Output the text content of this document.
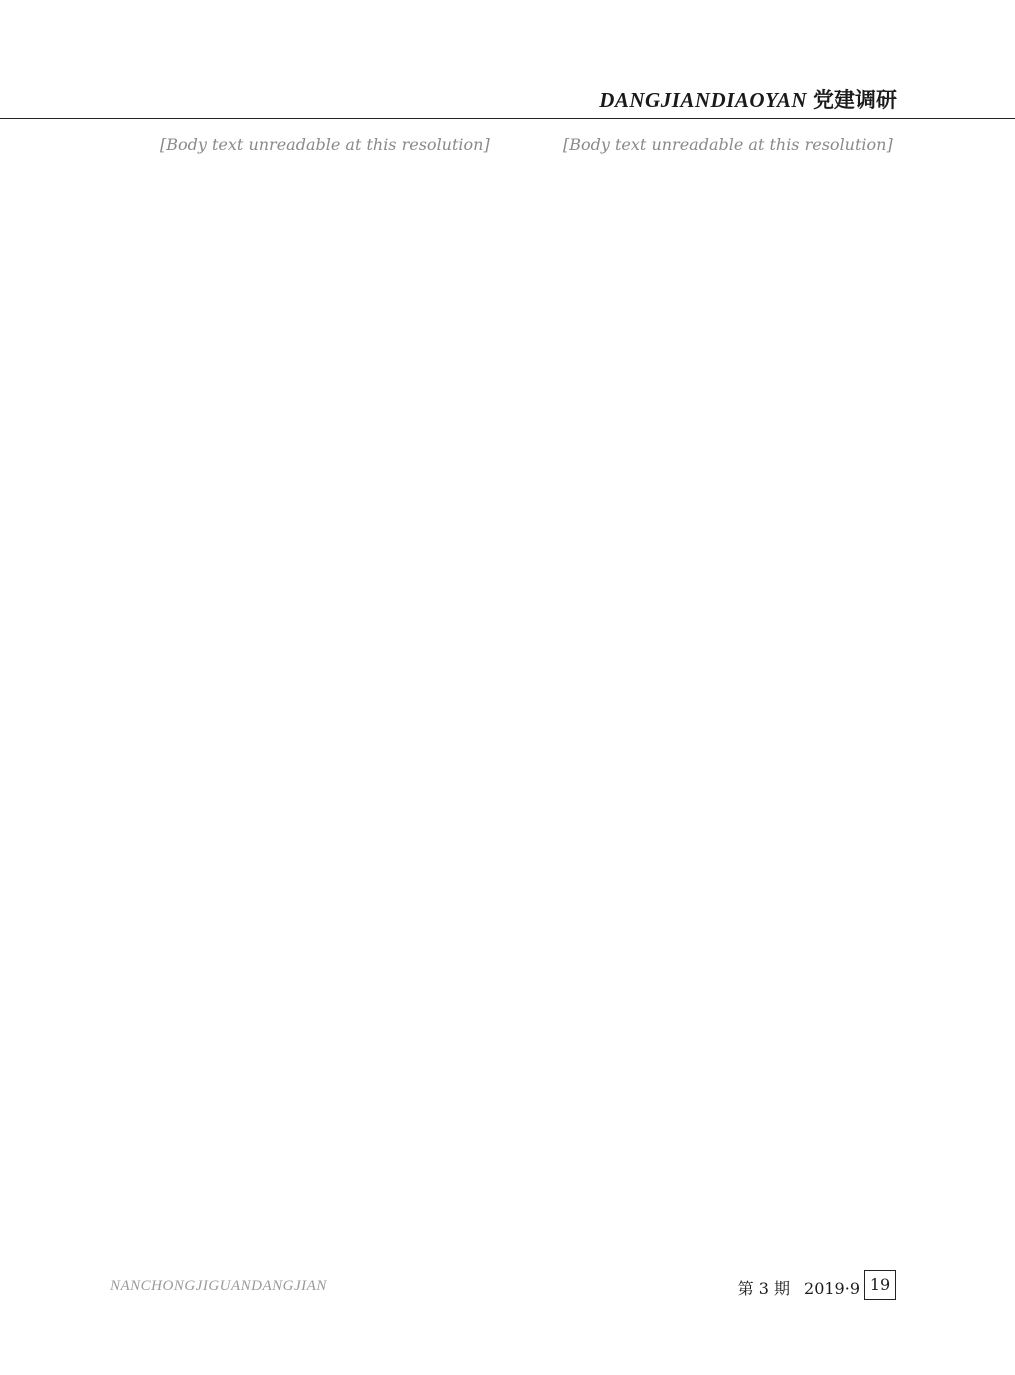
DANGJIANDIAOYAN 党建调研

[Body text unreadable at this resolution]	[Body text unreadable at this resolution]

NANCHONGJIGUANDANGJIAN	第 3 期 2019·9 19
